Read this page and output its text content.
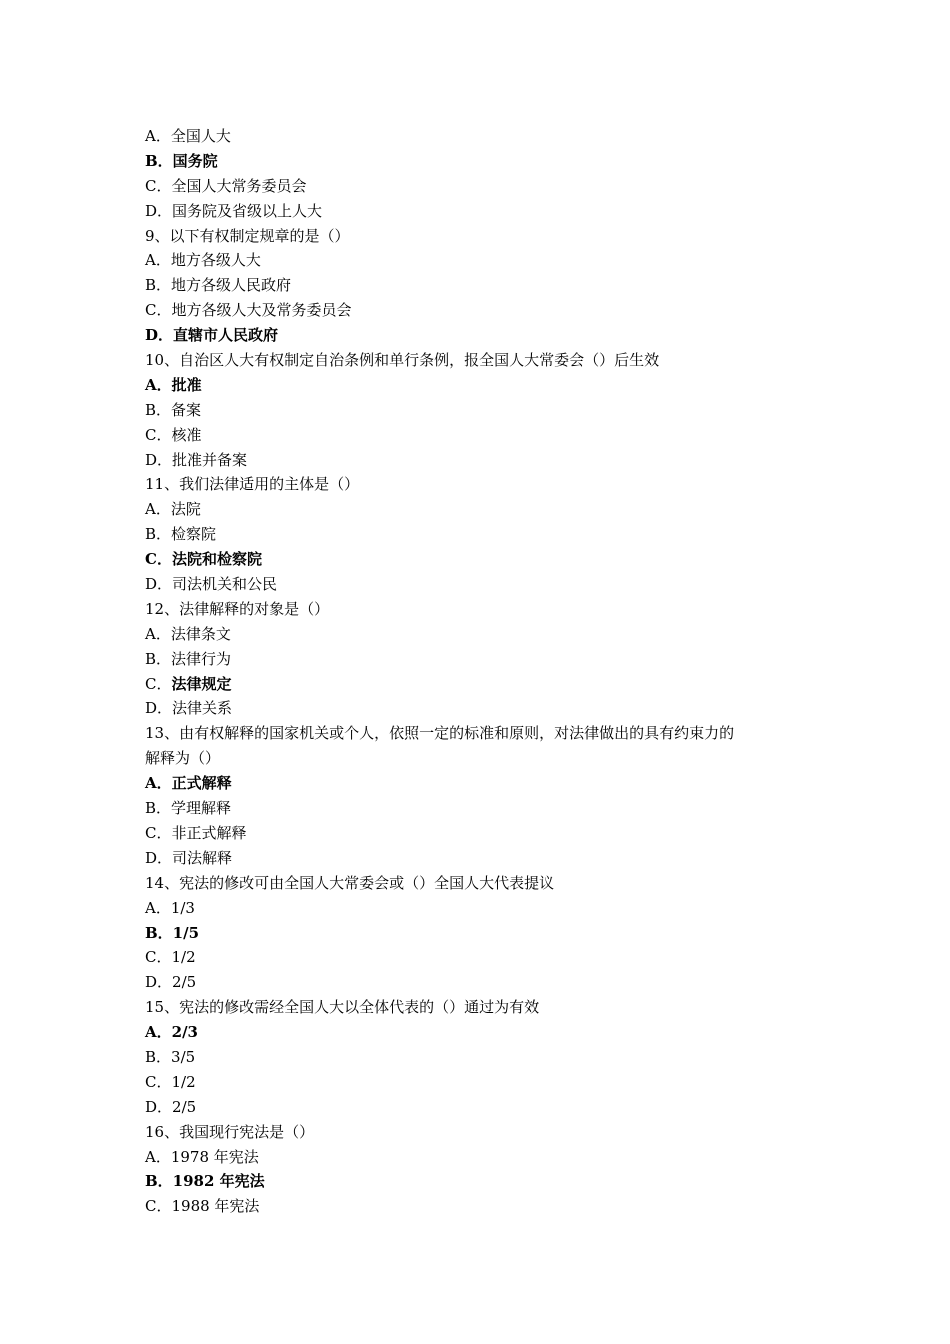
A．全国人大
B．国务院
C．全国人大常务委员会
D．国务院及省级以上人大
9、以下有权制定规章的是（）
A．地方各级人大
B．地方各级人民政府
C．地方各级人大及常务委员会
D．直辖市人民政府
10、自治区人大有权制定自治条例和单行条例，报全国人大常委会（）后生效
A．批准
B．备案
C．核准
D．批准并备案
11、我们法律适用的主体是（）
A．法院
B．检察院
C．法院和检察院
D．司法机关和公民
12、法律解释的对象是（）
A．法律条文
B．法律行为
C．法律规定
D．法律关系
13、由有权解释的国家机关或个人，依照一定的标准和原则，对法律做出的具有约束力的
解释为（）
A．正式解释
B．学理解释
C．非正式解释
D．司法解释
14、宪法的修改可由全国人大常委会或（）全国人大代表提议
A．1/3
B．1/5
C．1/2
D．2/5
15、宪法的修改需经全国人大以全体代表的（）通过为有效
A．2/3
B．3/5
C．1/2
D．2/5
16、我国现行宪法是（）
A．1978 年宪法
B．1982 年宪法
C．1988 年宪法
